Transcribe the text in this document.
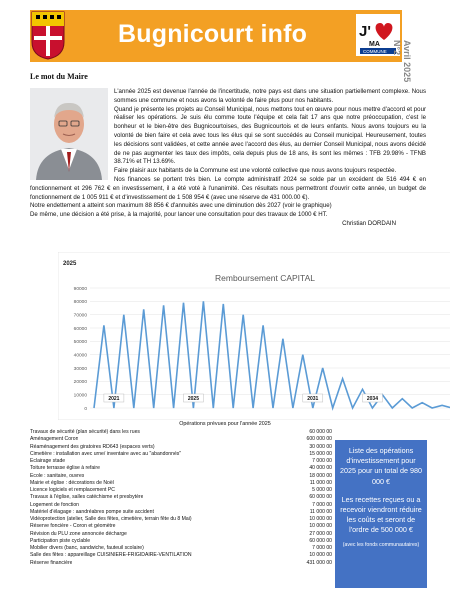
Bugnicourt info	J'
MA
COMMUNE Avril 2025
N°2
Le mot du Maire

L'année 2025 est devenue l'année de l'incertitude, notre pays est dans une situation partiellement complexe. Nous sommes une commune et nous avons la volonté de faire plus pour nos habitants.

Quand je présente les projets au Conseil Municipal, nous mettons tout en œuvre pour nous mettre d'accord et pour réaliser les opérations. Je suis élu comme toute l'équipe et cela fait 17 ans que notre préoccupation, c'est le bonheur et le bien-être des Bugnicourtoises, des Bugnicourtois et de leurs enfants. Nous avons toujours eu la volonté de bien faire et cela avec tous les élus qui se sont succédés au Conseil municipal. Heureusement, toutes les décisions sont validées, et cette année avec l'accord des élus, au dernier Conseil Municipal, nous avons décidé de ne pas augmenter les taux des impôts, cela depuis plus de 18 ans, ils sont les mêmes : TFB 29.98% - TFNB 38.71% et TH 13.69%.

Faire plaisir aux habitants de la Commune est une volonté collective que nous avons toujours respectée.

Nos finances se portent très bien. Le compte administratif 2024 se solde par un excédent de 516 494 € en fonctionnement et 296 762 € en investissement, il a été voté à l'unanimité. Ces résultats nous permettront d'ouvrir cette année, un budget de fonctionnement de 1 005 911 € et d'investissement de 1 508 954 € (avec une réserve de 431 000.00 €).

Notre endettement a atteint son maximum 88 856 € d'annuités avec une diminution dès 2027 (voir le graphique)

De même, une décision a été prise, à la majorité, pour lancer une consultation pour des travaux de 1000 € HT.

Christian DORDAIN

2025
Remboursement CAPITAL
0
10000
20000
30000
40000
50000
60000
70000
80000
90000
2021	2025	2031	2034
Opérations prévues pour l'année 2025
Travaux de sécurité (plan sécurité) dans les rues	60 000 00
Aménagement Coron	600 000 00
Réaménagement des giratoires RD643 (espaces verts)	30 000 00
Cimetière : installation avec urne/ inventaire avec au "abandonnés"	15 000 00
Eclairage stade	7 000 00
Toiture terrasse église à refaire	40 000 00
Ecole : sanitaire, ouvres	18 000 00
Mairie et église : décorations de Noël	11 000 00
Licence logiciels et remplacement PC	5 000 00
Travaux à l'église, salles catéchisme et presbytère	60 000 00
Logement de fonction	7 000 00
Matériel d'élagage : aandréabres pompe suite accident	11 000 00
Vidéoprotection (atelier, Salle des fêtes, cimetière, terrain fête du 8 Mai)	10 000 00
Réserve foncière - Coron et géomètre	10 000 00
Révision du PLU zone annoncée décharge	27 000 00
Participation piste cyclable	60 000 00
Mobilier divers (banc, sandwiche, fauteuil scolaire)	7 000 00
Salle des fêtes : appareillage CUISINIERE-FRIGIDAIRE-VENTILATION	10 000 00
Réserve financière	431 000 00
Liste des opérations d'investissement pour 2025 pour un total de 980 000 €
Les recettes reçues ou a recevoir viendront réduire les coûts et seront de l'ordre de 500 000 €
(avec les fonds communautaires)
